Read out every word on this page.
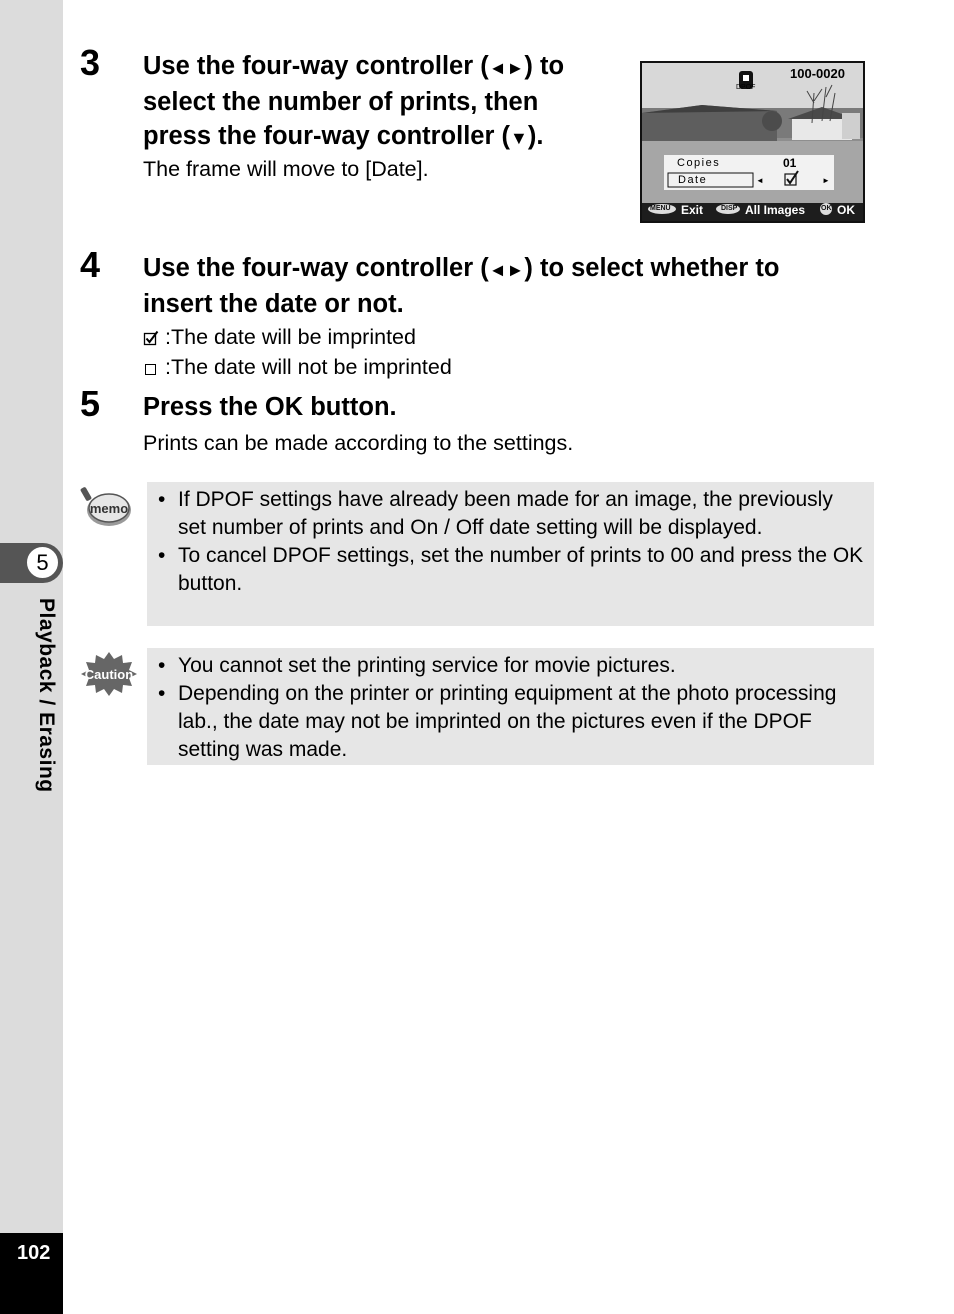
5
Playback / Erasing
102
3 Use the four-way controller (◄►) to
select the number of prints, then
press the four-way controller (▼).
The frame will move to [Date].
100-0020
DPOF
Copies	01
Date	◄	►
MENU Exit	DISP All Images OK OK
4 Use the four-way controller (◄►) to select whether to
insert the date or not.
:The date will be imprinted
:The date will not be imprinted
5 Press the OK button.
Prints can be made according to the settings.
memo	• If DPOF settings have already been made for an image, the previously set number of prints and On / Off date setting will be displayed.
• To cancel DPOF settings, set the number of prints to 00 and press the OK button.
Caution	• You cannot set the printing service for movie pictures.
• Depending on the printer or printing equipment at the photo processing lab., the date may not be imprinted on the pictures even if the DPOF setting was made.
